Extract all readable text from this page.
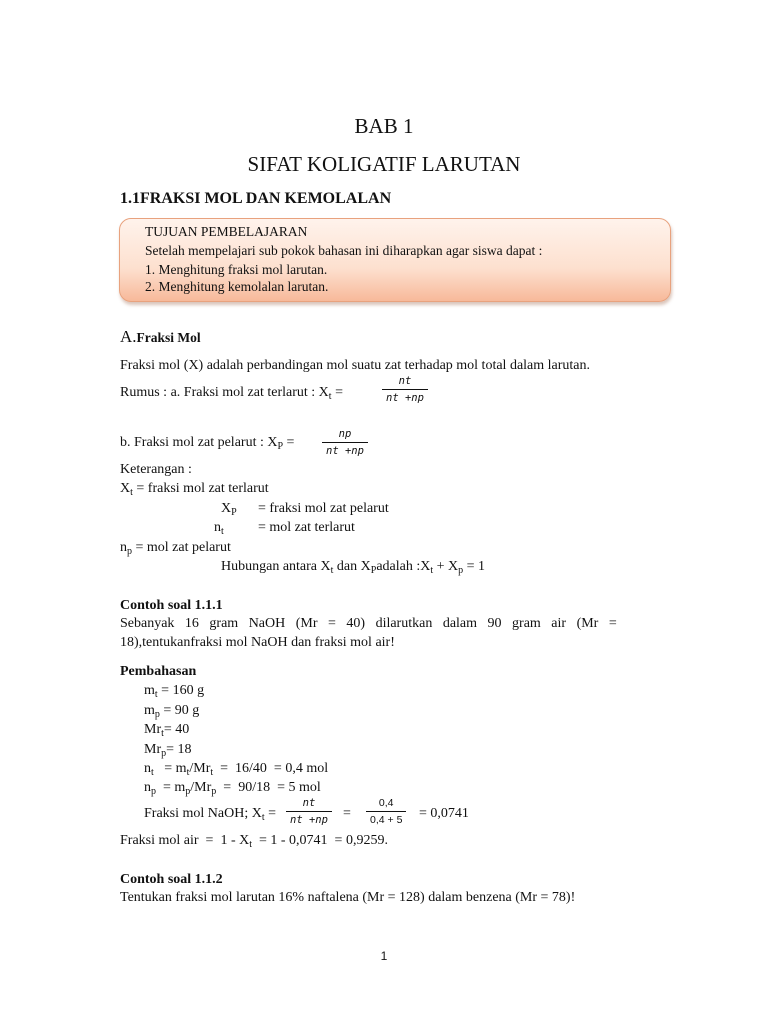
BAB 1
SIFAT KOLIGATIF LARUTAN
1.1FRAKSI MOL DAN KEMOLALAN
TUJUAN PEMBELAJARAN
Setelah mempelajari sub pokok bahasan ini diharapkan agar siswa dapat :
1. Menghitung fraksi mol larutan.
2. Menghitung kemolalan larutan.
A.Fraksi Mol
Fraksi mol (X) adalah perbandingan mol suatu zat terhadap mol total dalam larutan.
Rumus : a. Fraksi mol zat terlarut : $X_t$ =	$\frac{nt}{nt +np}$
b. Fraksi mol zat pelarut : $X_P$ =	$\frac{np}{nt +np}$
Keterangan :
$X_t$ = fraksi mol zat terlarut
$X_P$ = fraksi mol zat pelarut
$n_t$ = mol zat terlarut
$n_p$ = mol zat pelarut
Hubungan antara $X_t$ dan $X_Padalah$ $:X_t + X_p = 1$
Contoh soal 1.1.1
Sebanyak   16   gram   NaOH   (Mr   =   40)   dilarutkan   dalam   90   gram   air   (Mr   =
18),tentukanfraksi mol NaOH dan fraksi mol air!
Pembahasan
$m_t = 160$ g
$m_p = 90$ g
$Mr_t= 40$
$Mr_p= 18$
$n_t = m_t/Mr_t = 16/40 = 0,4$ mol
$n_p = m_p/Mr_p = 90/18 = 5$ mol
Fraksi mol NaOH; $X_t = \frac{nt}{nt +np} = \frac{0,4}{0,4 + 5} = 0,0741$
Fraksi mol air  =  $1 - X_t = 1 - 0,0741 = 0,9259$.
Contoh soal 1.1.2
Tentukan fraksi mol larutan 16% naftalena (Mr = 128) dalam benzena (Mr = 78)!
1
